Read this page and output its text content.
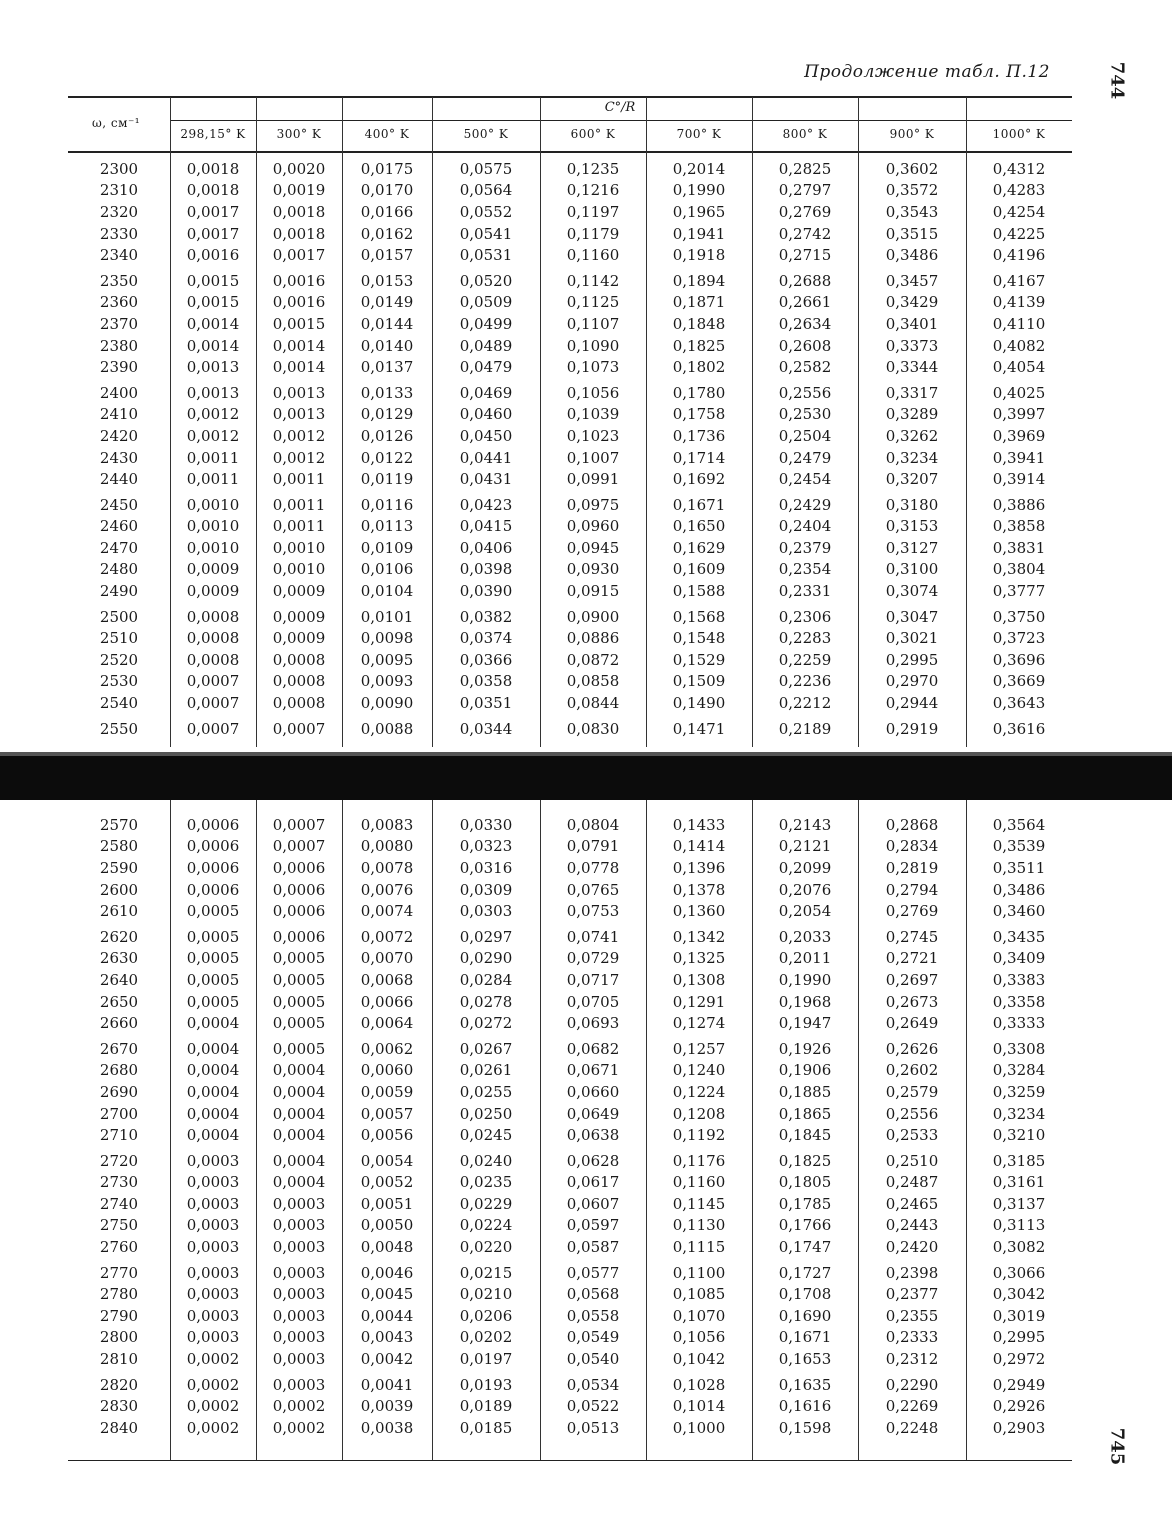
Продолжение табл. П.12	744
745
C°/R
ω, см⁻¹
298,15° K	300° K	400° K	500° K	600° K	700° K	800° K	900° K	1000° K
2300	0,0018	0,0020	0,0175	0,0575	0,1235	0,2014	0,2825	0,3602	0,4312
2310	0,0018	0,0019	0,0170	0,0564	0,1216	0,1990	0,2797	0,3572	0,4283
2320	0,0017	0,0018	0,0166	0,0552	0,1197	0,1965	0,2769	0,3543	0,4254
2330	0,0017	0,0018	0,0162	0,0541	0,1179	0,1941	0,2742	0,3515	0,4225
2340	0,0016	0,0017	0,0157	0,0531	0,1160	0,1918	0,2715	0,3486	0,4196
2350	0,0015	0,0016	0,0153	0,0520	0,1142	0,1894	0,2688	0,3457	0,4167
2360	0,0015	0,0016	0,0149	0,0509	0,1125	0,1871	0,2661	0,3429	0,4139
2370	0,0014	0,0015	0,0144	0,0499	0,1107	0,1848	0,2634	0,3401	0,4110
2380	0,0014	0,0014	0,0140	0,0489	0,1090	0,1825	0,2608	0,3373	0,4082
2390	0,0013	0,0014	0,0137	0,0479	0,1073	0,1802	0,2582	0,3344	0,4054
2400	0,0013	0,0013	0,0133	0,0469	0,1056	0,1780	0,2556	0,3317	0,4025
2410	0,0012	0,0013	0,0129	0,0460	0,1039	0,1758	0,2530	0,3289	0,3997
2420	0,0012	0,0012	0,0126	0,0450	0,1023	0,1736	0,2504	0,3262	0,3969
2430	0,0011	0,0012	0,0122	0,0441	0,1007	0,1714	0,2479	0,3234	0,3941
2440	0,0011	0,0011	0,0119	0,0431	0,0991	0,1692	0,2454	0,3207	0,3914
2450	0,0010	0,0011	0,0116	0,0423	0,0975	0,1671	0,2429	0,3180	0,3886
2460	0,0010	0,0011	0,0113	0,0415	0,0960	0,1650	0,2404	0,3153	0,3858
2470	0,0010	0,0010	0,0109	0,0406	0,0945	0,1629	0,2379	0,3127	0,3831
2480	0,0009	0,0010	0,0106	0,0398	0,0930	0,1609	0,2354	0,3100	0,3804
2490	0,0009	0,0009	0,0104	0,0390	0,0915	0,1588	0,2331	0,3074	0,3777
2500	0,0008	0,0009	0,0101	0,0382	0,0900	0,1568	0,2306	0,3047	0,3750
2510	0,0008	0,0009	0,0098	0,0374	0,0886	0,1548	0,2283	0,3021	0,3723
2520	0,0008	0,0008	0,0095	0,0366	0,0872	0,1529	0,2259	0,2995	0,3696
2530	0,0007	0,0008	0,0093	0,0358	0,0858	0,1509	0,2236	0,2970	0,3669
2540	0,0007	0,0008	0,0090	0,0351	0,0844	0,1490	0,2212	0,2944	0,3643
2550	0,0007	0,0007	0,0088	0,0344	0,0830	0,1471	0,2189	0,2919	0,3616
2570	0,0006	0,0007	0,0083	0,0330	0,0804	0,1433	0,2143	0,2868	0,3564
2580	0,0006	0,0007	0,0080	0,0323	0,0791	0,1414	0,2121	0,2834	0,3539
2590	0,0006	0,0006	0,0078	0,0316	0,0778	0,1396	0,2099	0,2819	0,3511
2600	0,0006	0,0006	0,0076	0,0309	0,0765	0,1378	0,2076	0,2794	0,3486
2610	0,0005	0,0006	0,0074	0,0303	0,0753	0,1360	0,2054	0,2769	0,3460
2620	0,0005	0,0006	0,0072	0,0297	0,0741	0,1342	0,2033	0,2745	0,3435
2630	0,0005	0,0005	0,0070	0,0290	0,0729	0,1325	0,2011	0,2721	0,3409
2640	0,0005	0,0005	0,0068	0,0284	0,0717	0,1308	0,1990	0,2697	0,3383
2650	0,0005	0,0005	0,0066	0,0278	0,0705	0,1291	0,1968	0,2673	0,3358
2660	0,0004	0,0005	0,0064	0,0272	0,0693	0,1274	0,1947	0,2649	0,3333
2670	0,0004	0,0005	0,0062	0,0267	0,0682	0,1257	0,1926	0,2626	0,3308
2680	0,0004	0,0004	0,0060	0,0261	0,0671	0,1240	0,1906	0,2602	0,3284
2690	0,0004	0,0004	0,0059	0,0255	0,0660	0,1224	0,1885	0,2579	0,3259
2700	0,0004	0,0004	0,0057	0,0250	0,0649	0,1208	0,1865	0,2556	0,3234
2710	0,0004	0,0004	0,0056	0,0245	0,0638	0,1192	0,1845	0,2533	0,3210
2720	0,0003	0,0004	0,0054	0,0240	0,0628	0,1176	0,1825	0,2510	0,3185
2730	0,0003	0,0004	0,0052	0,0235	0,0617	0,1160	0,1805	0,2487	0,3161
2740	0,0003	0,0003	0,0051	0,0229	0,0607	0,1145	0,1785	0,2465	0,3137
2750	0,0003	0,0003	0,0050	0,0224	0,0597	0,1130	0,1766	0,2443	0,3113
2760	0,0003	0,0003	0,0048	0,0220	0,0587	0,1115	0,1747	0,2420	0,3082
2770	0,0003	0,0003	0,0046	0,0215	0,0577	0,1100	0,1727	0,2398	0,3066
2780	0,0003	0,0003	0,0045	0,0210	0,0568	0,1085	0,1708	0,2377	0,3042
2790	0,0003	0,0003	0,0044	0,0206	0,0558	0,1070	0,1690	0,2355	0,3019
2800	0,0003	0,0003	0,0043	0,0202	0,0549	0,1056	0,1671	0,2333	0,2995
2810	0,0002	0,0003	0,0042	0,0197	0,0540	0,1042	0,1653	0,2312	0,2972
2820	0,0002	0,0003	0,0041	0,0193	0,0534	0,1028	0,1635	0,2290	0,2949
2830	0,0002	0,0002	0,0039	0,0189	0,0522	0,1014	0,1616	0,2269	0,2926
2840	0,0002	0,0002	0,0038	0,0185	0,0513	0,1000	0,1598	0,2248	0,2903
